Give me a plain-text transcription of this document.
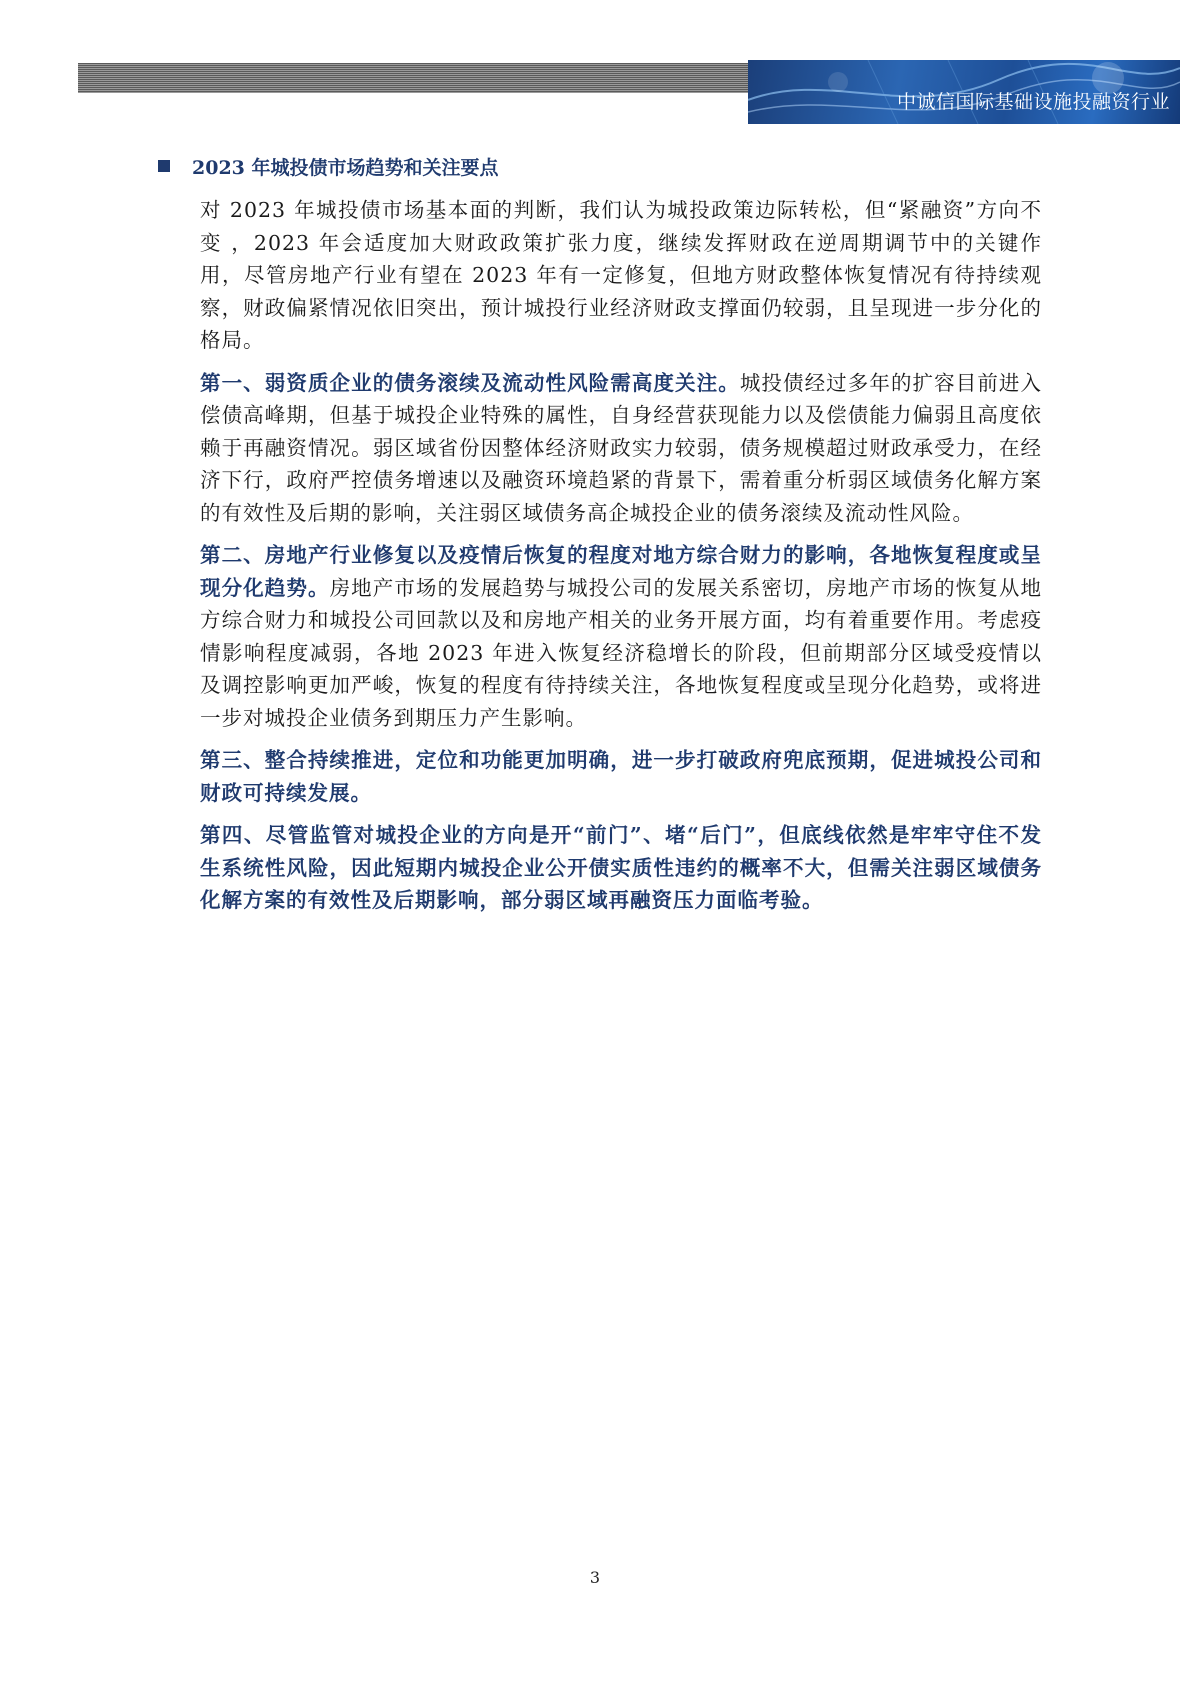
中诚信国际基础设施投融资行业
2023 年城投债市场趋势和关注要点

对 2023 年城投债市场基本面的判断，我们认为城投政策边际转松，但“紧融资”方向不变 ，2023 年会适度加大财政政策扩张力度，继续发挥财政在逆周期调节中的关键作用，尽管房地产行业有望在 2023 年有一定修复，但地方财政整体恢复情况有待持续观察，财政偏紧情况依旧突出，预计城投行业经济财政支撑面仍较弱，且呈现进一步分化的格局。

第一、弱资质企业的债务滚续及流动性风险需高度关注。城投债经过多年的扩容目前进入偿债高峰期，但基于城投企业特殊的属性，自身经营获现能力以及偿债能力偏弱且高度依赖于再融资情况。弱区域省份因整体经济财政实力较弱，债务规模超过财政承受力，在经济下行，政府严控债务增速以及融资环境趋紧的背景下，需着重分析弱区域债务化解方案的有效性及后期的影响，关注弱区域债务高企城投企业的债务滚续及流动性风险。

第二、房地产行业修复以及疫情后恢复的程度对地方综合财力的影响，各地恢复程度或呈现分化趋势。房地产市场的发展趋势与城投公司的发展关系密切，房地产市场的恢复从地方综合财力和城投公司回款以及和房地产相关的业务开展方面，均有着重要作用。考虑疫情影响程度减弱，各地 2023 年进入恢复经济稳增长的阶段，但前期部分区域受疫情以及调控影响更加严峻，恢复的程度有待持续关注，各地恢复程度或呈现分化趋势，或将进一步对城投企业债务到期压力产生影响。

第三、整合持续推进，定位和功能更加明确，进一步打破政府兜底预期，促进城投公司和财政可持续发展。

第四、尽管监管对城投企业的方向是开“前门”、堵“后门”，但底线依然是牢牢守住不发生系统性风险，因此短期内城投企业公开债实质性违约的概率不大，但需关注弱区域债务化解方案的有效性及后期影响，部分弱区域再融资压力面临考验。

3
